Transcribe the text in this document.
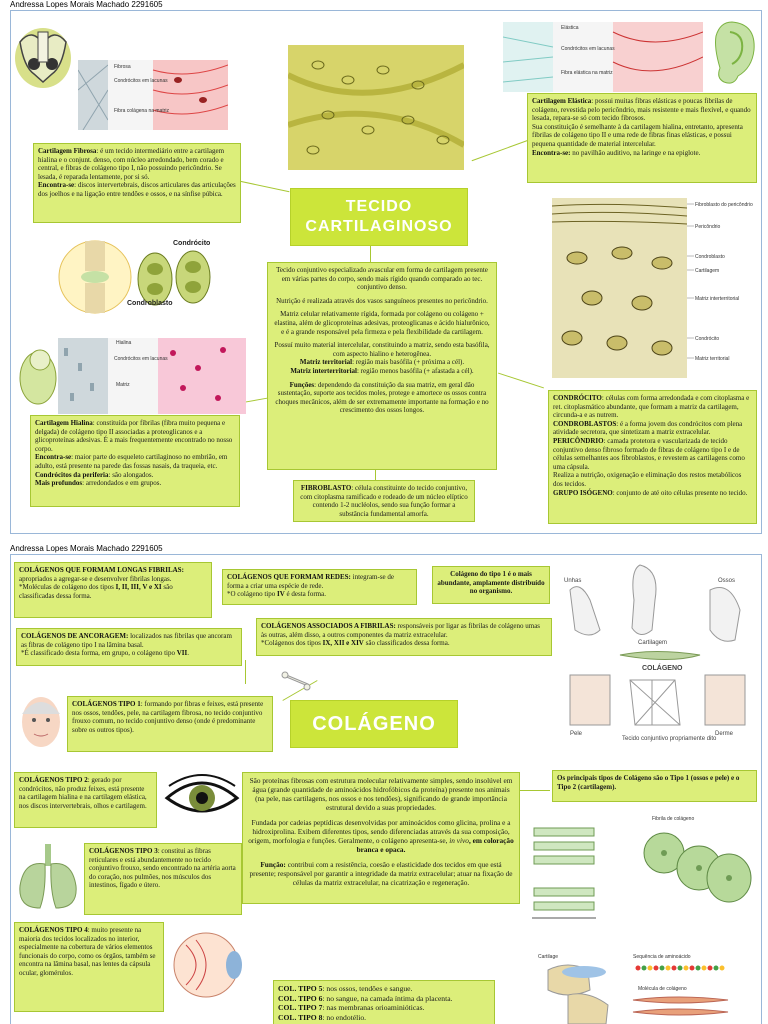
Andressa Lopes Morais Machado 2291605
Fibrosa
Condrócitos em lacunas
Fibra colágena na matriz
Elástica
Condrócitos em lacunas
Fibra elástica na matriz
Cartilagem Fibrosa: é um tecido intermediário entre a cartilagem hialina e o conjunt. denso, com núcleo arredondado, bem corado e central, e fibras de colágeno tipo I, não possuindo pericôndrio. Se lesada, é reparada lentamente, por si só.
Encontra-se: discos intervertebrais, discos articulares das articulações dos joelhos e na ligação entre tendões e ossos, e na sínfise púbica.
Cartilagem Elástica: possui muitas fibras elásticas e poucas fibrilas de colágeno, revestida pelo pericôndrio, mais resistente e mais flexível, e quando lesada, repara-se só com tecido fibrosos.
Sua constituição é semelhante à da cartilagem hialina, entretanto, apresenta fibrilas de colágeno tipo II e uma rede de fibras finas elásticas, e possui pequena quantidade de material intercelular.
Encontra-se: no pavilhão auditivo, na laringe e na epiglote.
TECIDO
CARTILAGINOSO
Condrócito
Condroblasto
Hialina
Condrócitos em lacunas
Matriz
Cartilagem Hialina: constituída por fibrilas (fibra muito pequena e delgada) de colágeno tipo II associadas a proteoglicanos e a glicoproteínas adesivas. É a mais frequentemente encontrado no nosso corpo.
Encontra-se: maior parte do esqueleto cartilaginoso no embrião, em adulto, está presente na parede das fossas nasais, da traqueia, etc.
Condrócitos da periferia: são alongados.
Mais profundos: arredondados e em grupos.
Tecido conjuntivo especializado avascular em forma de cartilagem presente em várias partes do corpo, sendo mais rígido quando comparado ao tec. conjuntivo denso.
Nutrição é realizada através dos vasos sanguíneos presentes no pericôndrio.
Matriz celular relativamente rígida, formada por colágeno ou colágeno + elastina, além de glicoproteínas adesivas, proteoglicanas e ácido hialurônico, e é a grande responsável pela firmeza e pela flexibilidade da cartilagem.
Possuí muito material intercelular, constituindo a matriz, sendo esta basófila, com aspecto hialino e heterogênea.
Matriz territorial: região mais basófila (+ próxima a cél).
Matriz interterritorial: região menos basófila (+ afastada a cél).
Funções: dependendo da constituição da sua matriz, em geral dão sustentação, suporte aos tecidos moles, protege e amortece os ossos contra choques mecânicos, além de ser extremamente importante na formação e no crescimento dos ossos longos.
FIBROBLASTO: célula constituinte do tecido conjuntivo, com citoplasma ramificado e rodeado de um núcleo elíptico contendo 1-2 nucléolos, sendo sua função formar a substância fundamental amorfa.
Fibroblasto do pericôndrio
Pericôndrio
Condroblasto
Cartilagem
Matriz interterritorial
Condrócito
Matriz territorial
CONDRÓCITO: células com forma arredondada e com citoplasma e ret. citoplasmático abundante, que formam a matriz da cartilagem, circunda-a e as nutrem.
CONDROBLASTOS: é a forma jovem dos condrócitos com plena atividade secretora, que sintetizam a matriz extracelular.
PERICÔNDRIO: camada protetora e vascularizada de tecido conjuntivo denso fibroso formado de fibras de colágeno tipo I e de células semelhantes aos fibroblastos, e revestem as cartilagens como uma cápsula.
Realiza a nutrição, oxigenação e eliminação dos restos metabólicos dos tecidos.
GRUPO ISÓGENO: conjunto de até oito células presente no tecido.
Andressa Lopes Morais Machado 2291605
COLÁGENOS QUE FORMAM LONGAS FIBRILAS: apropriados a agregar-se e desenvolver fibrilas longas.
*Moléculas de colágeno dos tipos I, II, III, V e XI são classificadas dessa forma.
COLÁGENOS QUE FORMAM REDES: integram-se de forma a criar uma espécie de rede.
*O colágeno tipo IV é desta forma.
Colágeno do tipo 1 é o mais abundante, amplamente distribuído no organismo.
Unhas	Ossos
Cartilagem
COLÁGENO
Pele	Derme
Tecido conjuntivo propriamente dito
COLÁGENOS DE ANCORAGEM: localizados nas fibrilas que ancoram as fibras de colágeno tipo I na lâmina basal.
*É classificado desta forma, em grupo, o colágeno tipo VII.
COLÁGENOS ASSOCIADOS A FIBRILAS: responsáveis por ligar as fibrilas de colágeno umas às outras, além disso, a outros componentes da matriz extracelular.
*Colágenos dos tipos IX, XII e XIV são classificados dessa forma.
COLÁGENOS TIPO 1: formando por fibras e feixes, está presente nos ossos, tendões, pele, na cartilagem fibrosa, no tecido conjuntivo frouxo comum, no tecido conjuntivo denso (onde é predominante sobre os outros tipos).	COLÁGENO
COLÁGENOS TIPO 2: gerado por condrócitos, não produz feixes, está presente na cartilagem hialina e na cartilagem elástica, nos discos intervertebrais, olhos e cartilagem.
São proteínas fibrosas com estrutura molecular relativamente simples, sendo insolúvel em água (grande quantidade de aminoácidos hidrofóbicos da proteína) presente nos animais (na pele, nas cartilagens, nos ossos e nos tendões), significando de grande importância estrutural devido a suas propriedades.
Fundada por cadeias peptídicas desenvolvidas por aminoácidos como glicina, prolina e a hidroxiprolina. Exibem diferentes tipos, sendo diferenciadas através da sua composição, origem, morfologia e funções. Geralmente, o colágeno apresenta-se, in vivo, em coloração branca e opaca.
Função: contribui com a resistência, coesão e elasticidade dos tecidos em que está presente; responsável por garantir a integridade da matriz extracelular; atuar na fixação de células da matriz extracelular, na cicatrização e regeneração.
Os principais tipos de Colágeno são o Tipo 1 (ossos e pele) e o Tipo 2 (cartilagem).
COLÁGENOS TIPO 3: constitui as fibras reticulares e está abundantemente no tecido conjuntivo frouxo, sendo encontrado na artéria aorta do coração, nos pulmões, nos músculos dos intestinos, fígado e útero.
Fibrila de colágeno
COLÁGENOS TIPO 4: muito presente na maioria dos tecidos localizados no interior, especialmente na cobertura de vários elementos funcionais do corpo, como os órgãos, também se encontra na lâmina basal, nas lentes da cápsula ocular, glomérulos.
Cartilage	Sequência de aminoácido
Molécula de colágeno
COL. TIPO 5: nos ossos, tendões e sangue.
COL. TIPO 6: no sangue, na camada íntima da placenta.
COL. TIPO 7: nas membranas orioaminióticas.
COL. TIPO 8: no endotélio.
